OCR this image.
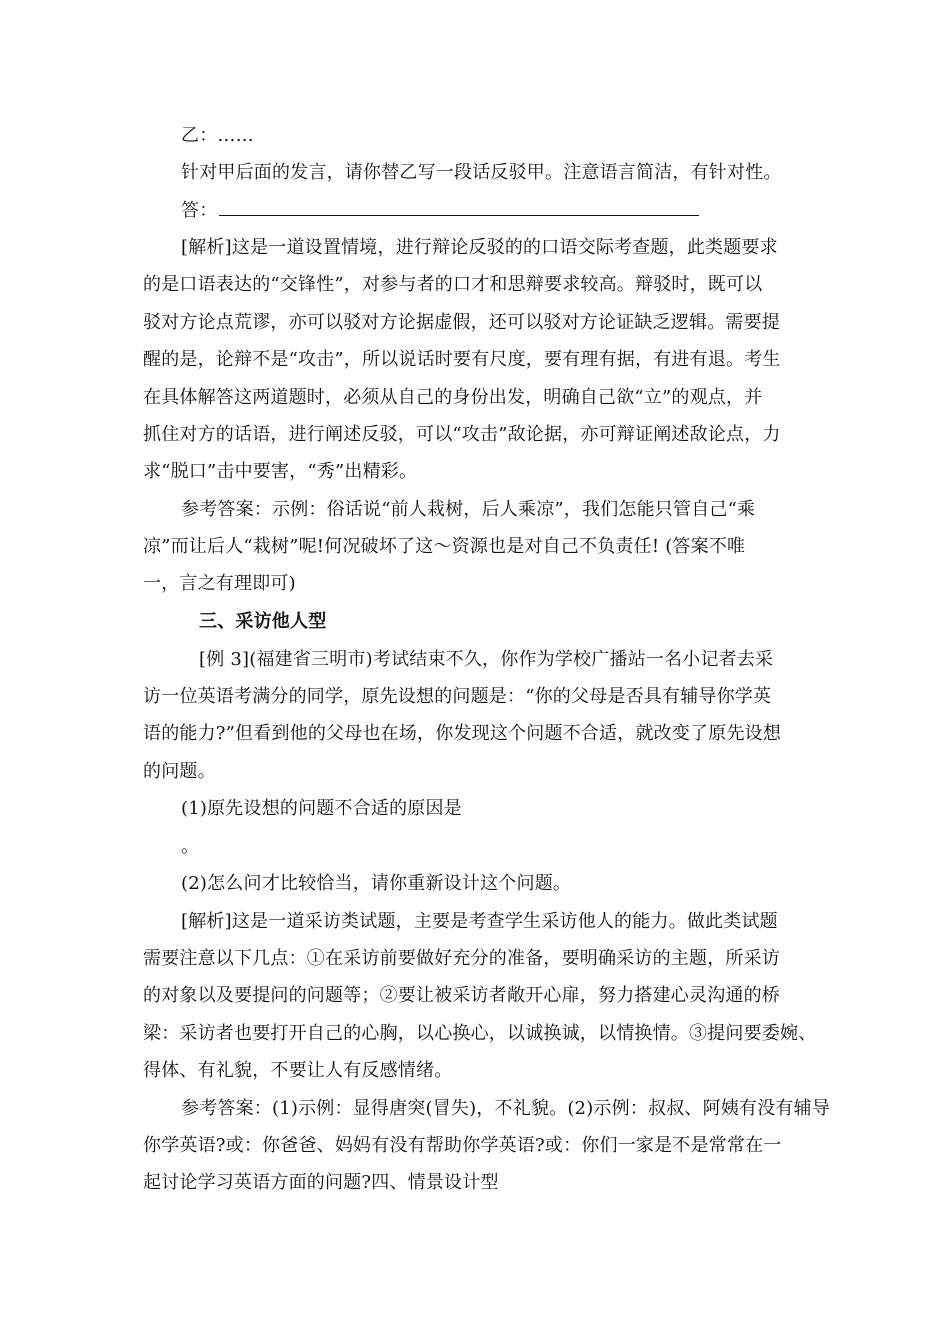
乙：……
针对甲后面的发言，请你替乙写一段话反驳甲。注意语言简洁，有针对性。
答：
[解析]这是一道设置情境，进行辩论反驳的的口语交际考查题，此类题要求
的是口语表达的“交锋性”，对参与者的口才和思辩要求较高。辩驳时，既可以
驳对方论点荒谬，亦可以驳对方论据虚假，还可以驳对方论证缺乏逻辑。需要提
醒的是，论辩不是“攻击”，所以说话时要有尺度，要有理有据，有进有退。考生
在具体解答这两道题时，必须从自己的身份出发，明确自己欲“立”的观点，并
抓住对方的话语，进行阐述反驳，可以“攻击”敌论据，亦可辩证阐述敌论点，力
求“脱口”击中要害，“秀”出精彩。
参考答案：示例：俗话说“前人栽树，后人乘凉”，我们怎能只管自己“乘
凉”而让后人“栽树”呢!何况破坏了这～资源也是对自己不负责任! (答案不唯
一，言之有理即可)
三、采访他人型
[例 3](福建省三明市)考试结束不久，你作为学校广播站一名小记者去采
访一位英语考满分的同学，原先设想的问题是：“你的父母是否具有辅导你学英
语的能力?”但看到他的父母也在场，你发现这个问题不合适，就改变了原先设想
的问题。
(1)原先设想的问题不合适的原因是
。
(2)怎么问才比较恰当，请你重新设计这个问题。
[解析]这是一道采访类试题，主要是考查学生采访他人的能力。做此类试题
需要注意以下几点：①在采访前要做好充分的准备，要明确采访的主题，所采访
的对象以及要提问的问题等；②要让被采访者敞开心扉，努力搭建心灵沟通的桥
梁：采访者也要打开自己的心胸，以心换心，以诚换诚，以情换情。③提问要委婉、
得体、有礼貌，不要让人有反感情绪。
参考答案：(1)示例：显得唐突(冒失)，不礼貌。(2)示例：叔叔、阿姨有没有辅导
你学英语?或：你爸爸、妈妈有没有帮助你学英语?或：你们一家是不是常常在一
起讨论学习英语方面的问题?四、情景设计型
